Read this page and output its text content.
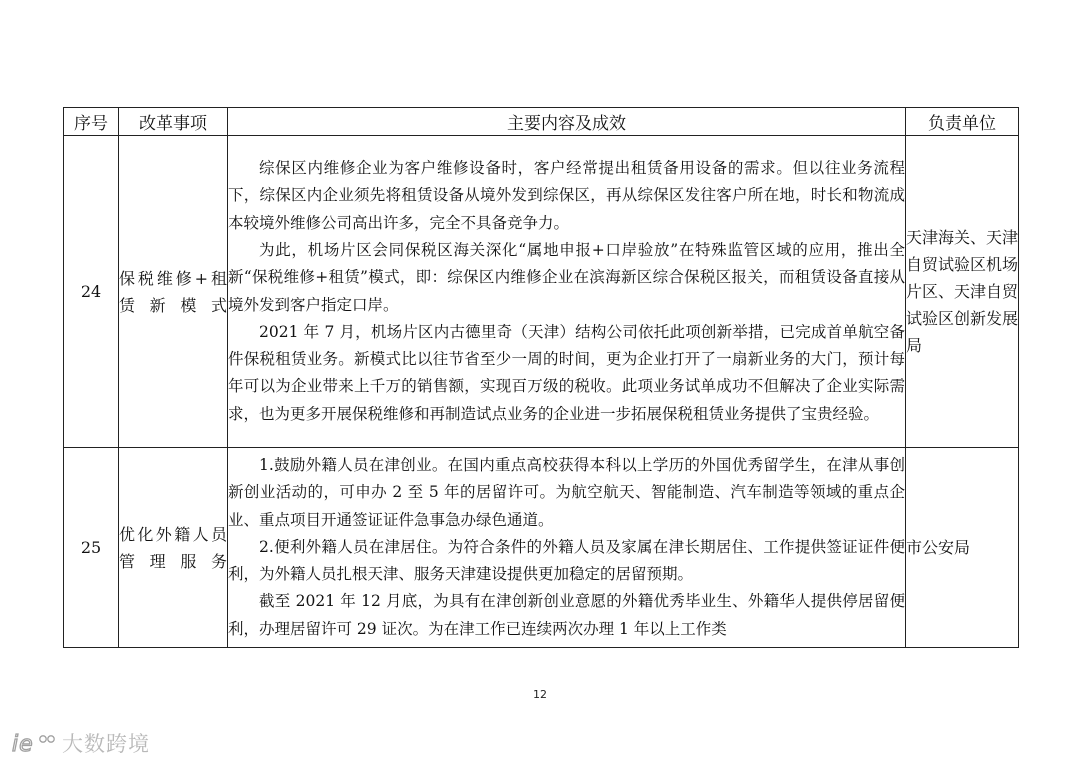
序号	改革事项	主要内容及成效	负责单位
24	保税维修+租赁新模式	综保区内维修企业为客户维修设备时，客户经常提出租赁备用设备的需求。但以往业务流程下，综保区内企业须先将租赁设备从境外发到综保区，再从综保区发往客户所在地，时长和物流成本较境外维修公司高出许多，完全不具备竞争力。

为此，机场片区会同保税区海关深化“属地申报+口岸验放”在特殊监管区域的应用，推出全新“保税维修+租赁”模式，即：综保区内维修企业在滨海新区综合保税区报关，而租赁设备直接从境外发到客户指定口岸。

2021 年 7 月，机场片区内古德里奇（天津）结构公司依托此项创新举措，已完成首单航空备件保税租赁业务。新模式比以往节省至少一周的时间，更为企业打开了一扇新业务的大门，预计每年可以为企业带来上千万的销售额，实现百万级的税收。此项业务试单成功不但解决了企业实际需求，也为更多开展保税维修和再制造试点业务的企业进一步拓展保税租赁业务提供了宝贵经验。	天津海关、天津自贸试验区机场片区、天津自贸试验区创新发展局
25	优化外籍人员管理服务	1.鼓励外籍人员在津创业。在国内重点高校获得本科以上学历的外国优秀留学生，在津从事创新创业活动的，可申办 2 至 5 年的居留许可。为航空航天、智能制造、汽车制造等领域的重点企业、重点项目开通签证证件急事急办绿色通道。

2.便利外籍人员在津居住。为符合条件的外籍人员及家属在津长期居住、工作提供签证证件便利，为外籍人员扎根天津、服务天津建设提供更加稳定的居留预期。

截至 2021 年 12 月底，为具有在津创新创业意愿的外籍优秀毕业生、外籍华人提供停居留便利，办理居留许可 29 证次。为在津工作已连续两次办理 1 年以上工作类	市公安局
12
ie 大数跨境
